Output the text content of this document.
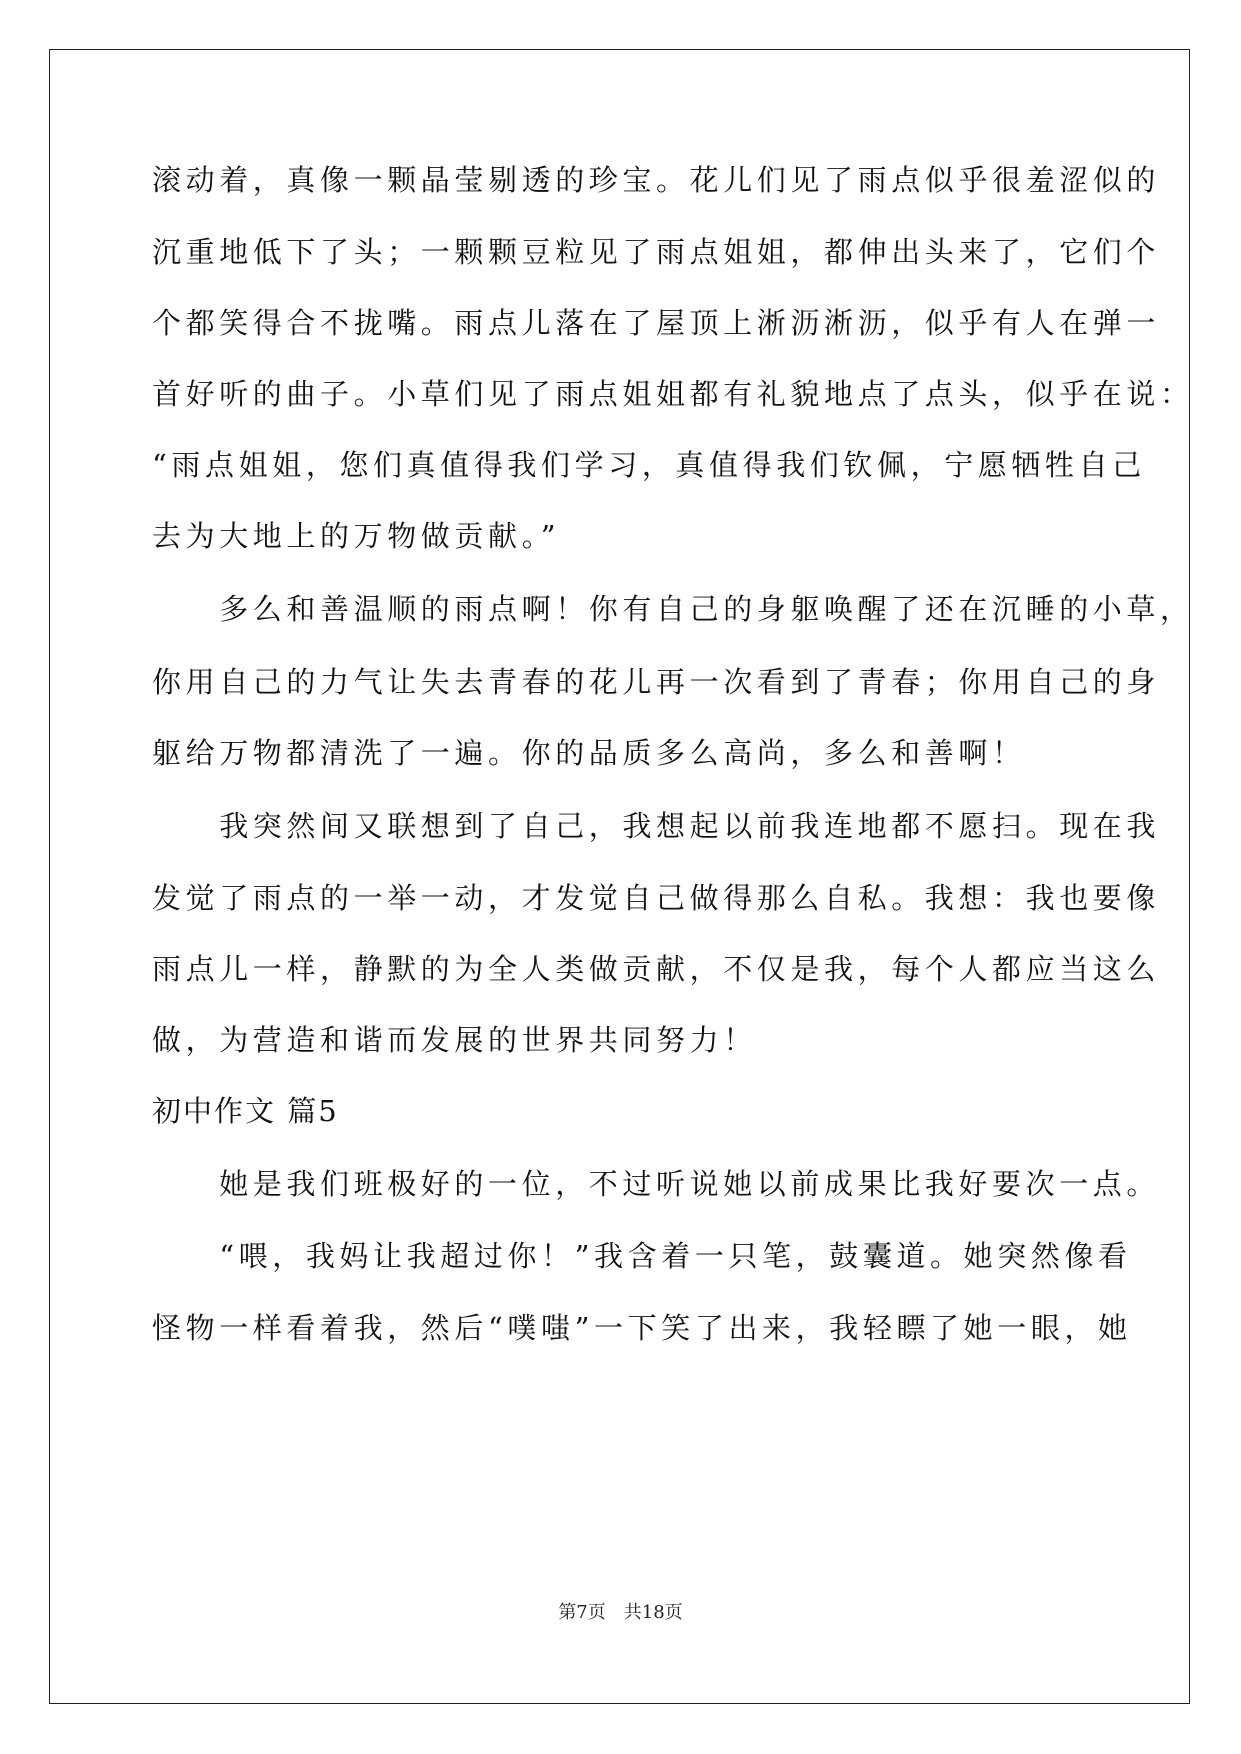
滚动着，真像一颗晶莹剔透的珍宝。花儿们见了雨点似乎很羞涩似的
沉重地低下了头；一颗颗豆粒见了雨点姐姐，都伸出头来了，它们个
个都笑得合不拢嘴。雨点儿落在了屋顶上淅沥淅沥，似乎有人在弹一
首好听的曲子。小草们见了雨点姐姐都有礼貌地点了点头，似乎在说：
“雨点姐姐，您们真值得我们学习，真值得我们钦佩，宁愿牺牲自己
去为大地上的万物做贡献。”
　　多么和善温顺的雨点啊！你有自己的身躯唤醒了还在沉睡的小草，
你用自己的力气让失去青春的花儿再一次看到了青春；你用自己的身
躯给万物都清洗了一遍。你的品质多么高尚，多么和善啊！
　　我突然间又联想到了自己，我想起以前我连地都不愿扫。现在我
发觉了雨点的一举一动，才发觉自己做得那么自私。我想：我也要像
雨点儿一样，静默的为全人类做贡献，不仅是我，每个人都应当这么
做，为营造和谐而发展的世界共同努力！
初中作文 篇5
　　她是我们班极好的一位，不过听说她以前成果比我好要次一点。
　　“喂，我妈让我超过你！”我含着一只笔，鼓囊道。她突然像看
怪物一样看着我，然后“噗嗤”一下笑了出来，我轻瞟了她一眼，她
第7页　共18页
